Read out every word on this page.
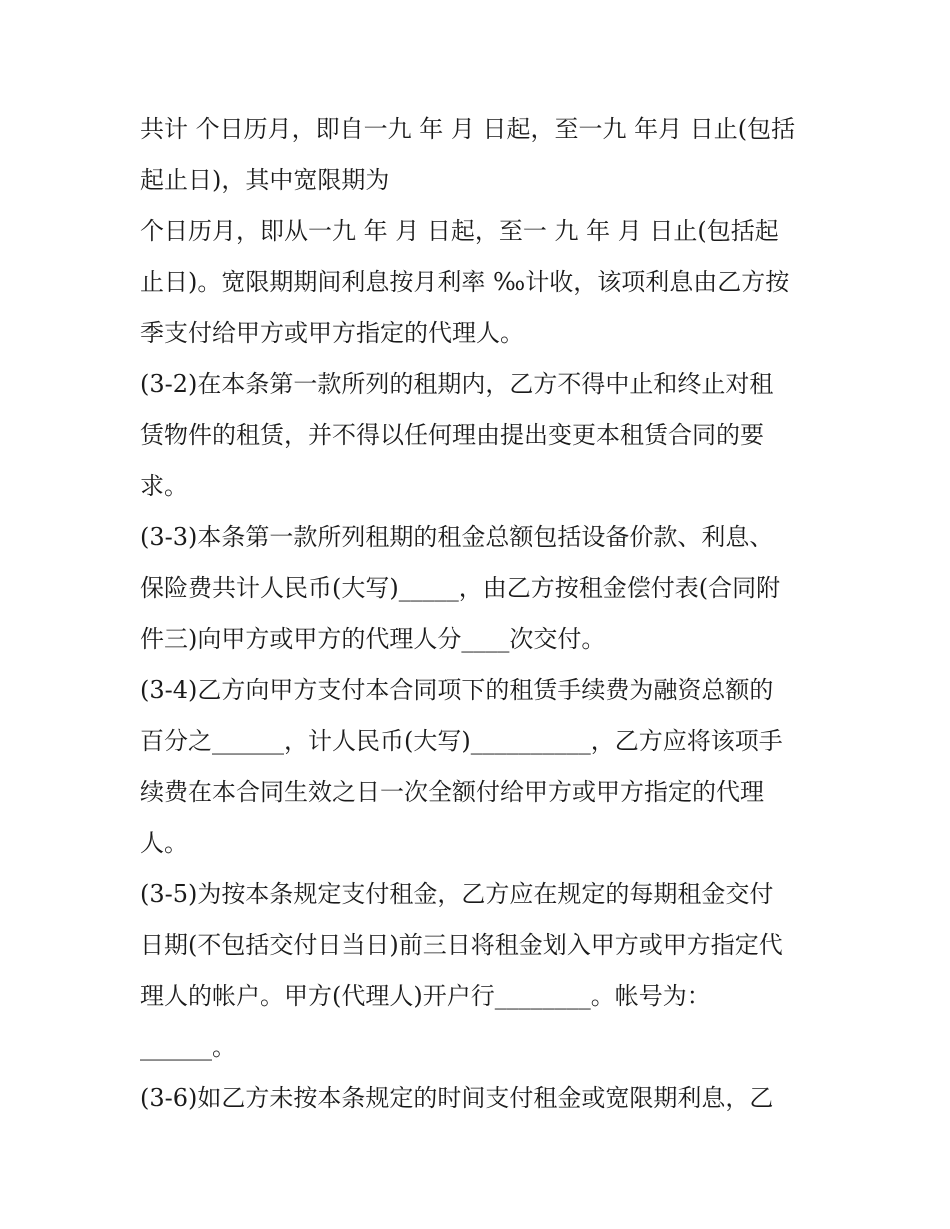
共计 个日历月，即自一九 年 月 日起，至一九 年月 日止(包括
起止日)，其中宽限期为
个日历月，即从一九 年 月 日起，至一 九 年 月 日止(包括起
止日)。宽限期期间利息按月利率 ‰计收，该项利息由乙方按
季支付给甲方或甲方指定的代理人。
(3-2)在本条第一款所列的租期内，乙方不得中止和终止对租
赁物件的租赁，并不得以任何理由提出变更本租赁合同的要
求。
(3-3)本条第一款所列租期的租金总额包括设备价款、利息、
保险费共计人民币(大写)_____，由乙方按租金偿付表(合同附
件三)向甲方或甲方的代理人分____次交付。
(3-4)乙方向甲方支付本合同项下的租赁手续费为融资总额的
百分之______，计人民币(大写)__________，乙方应将该项手
续费在本合同生效之日一次全额付给甲方或甲方指定的代理
人。
(3-5)为按本条规定支付租金，乙方应在规定的每期租金交付
日期(不包括交付日当日)前三日将租金划入甲方或甲方指定代
理人的帐户。甲方(代理人)开户行________。帐号为：
______。
(3-6)如乙方未按本条规定的时间支付租金或宽限期利息，乙
